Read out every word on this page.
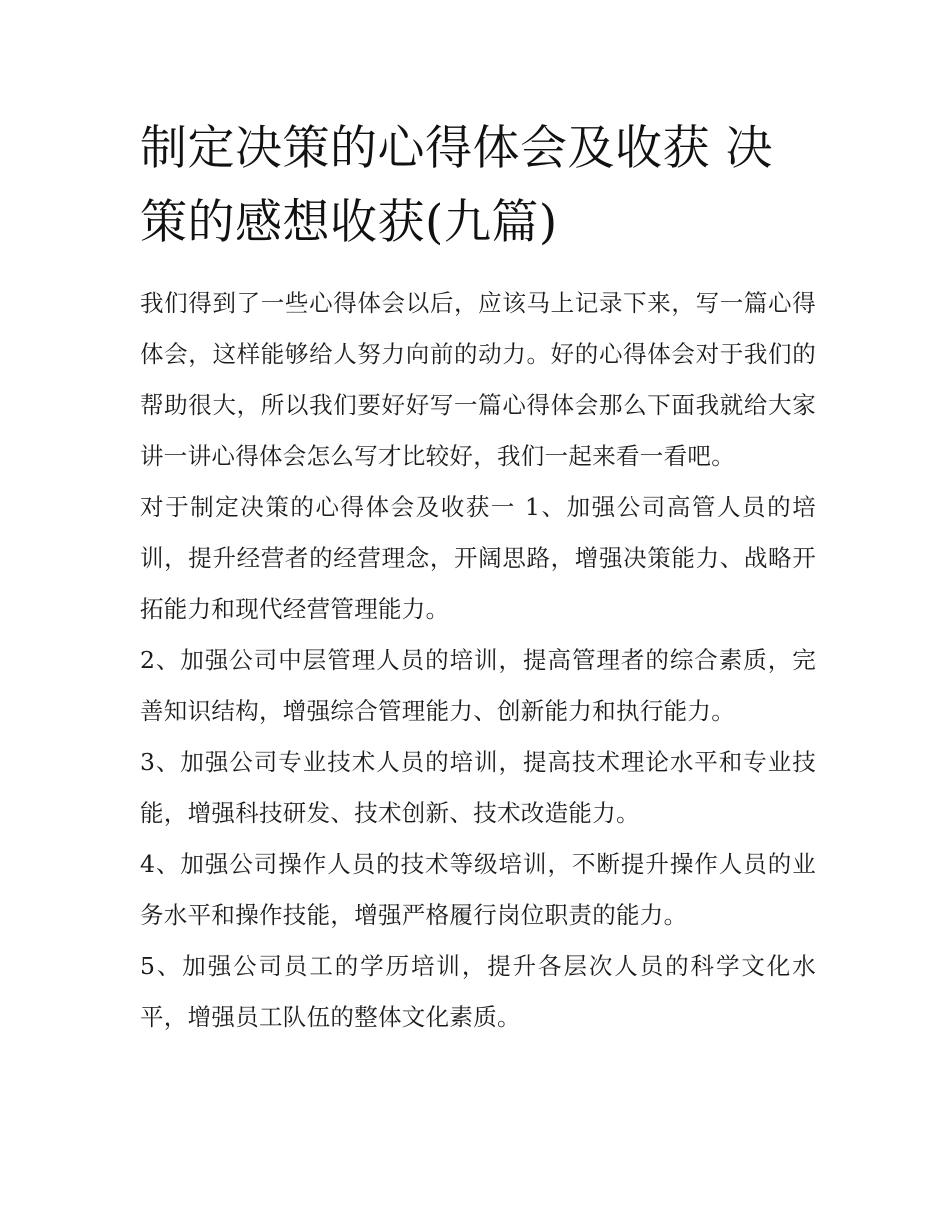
制定决策的心得体会及收获 决策的感想收获(九篇)

我们得到了一些心得体会以后，应该马上记录下来，写一篇心得体会，这样能够给人努力向前的动力。好的心得体会对于我们的帮助很大，所以我们要好好写一篇心得体会那么下面我就给大家讲一讲心得体会怎么写才比较好，我们一起来看一看吧。

对于制定决策的心得体会及收获一 1、加强公司高管人员的培训，提升经营者的经营理念，开阔思路，增强决策能力、战略开拓能力和现代经营管理能力。

2、加强公司中层管理人员的培训，提高管理者的综合素质，完善知识结构，增强综合管理能力、创新能力和执行能力。

3、加强公司专业技术人员的培训，提高技术理论水平和专业技能，增强科技研发、技术创新、技术改造能力。

4、加强公司操作人员的技术等级培训，不断提升操作人员的业务水平和操作技能，增强严格履行岗位职责的能力。

5、加强公司员工的学历培训，提升各层次人员的科学文化水平，增强员工队伍的整体文化素质。
